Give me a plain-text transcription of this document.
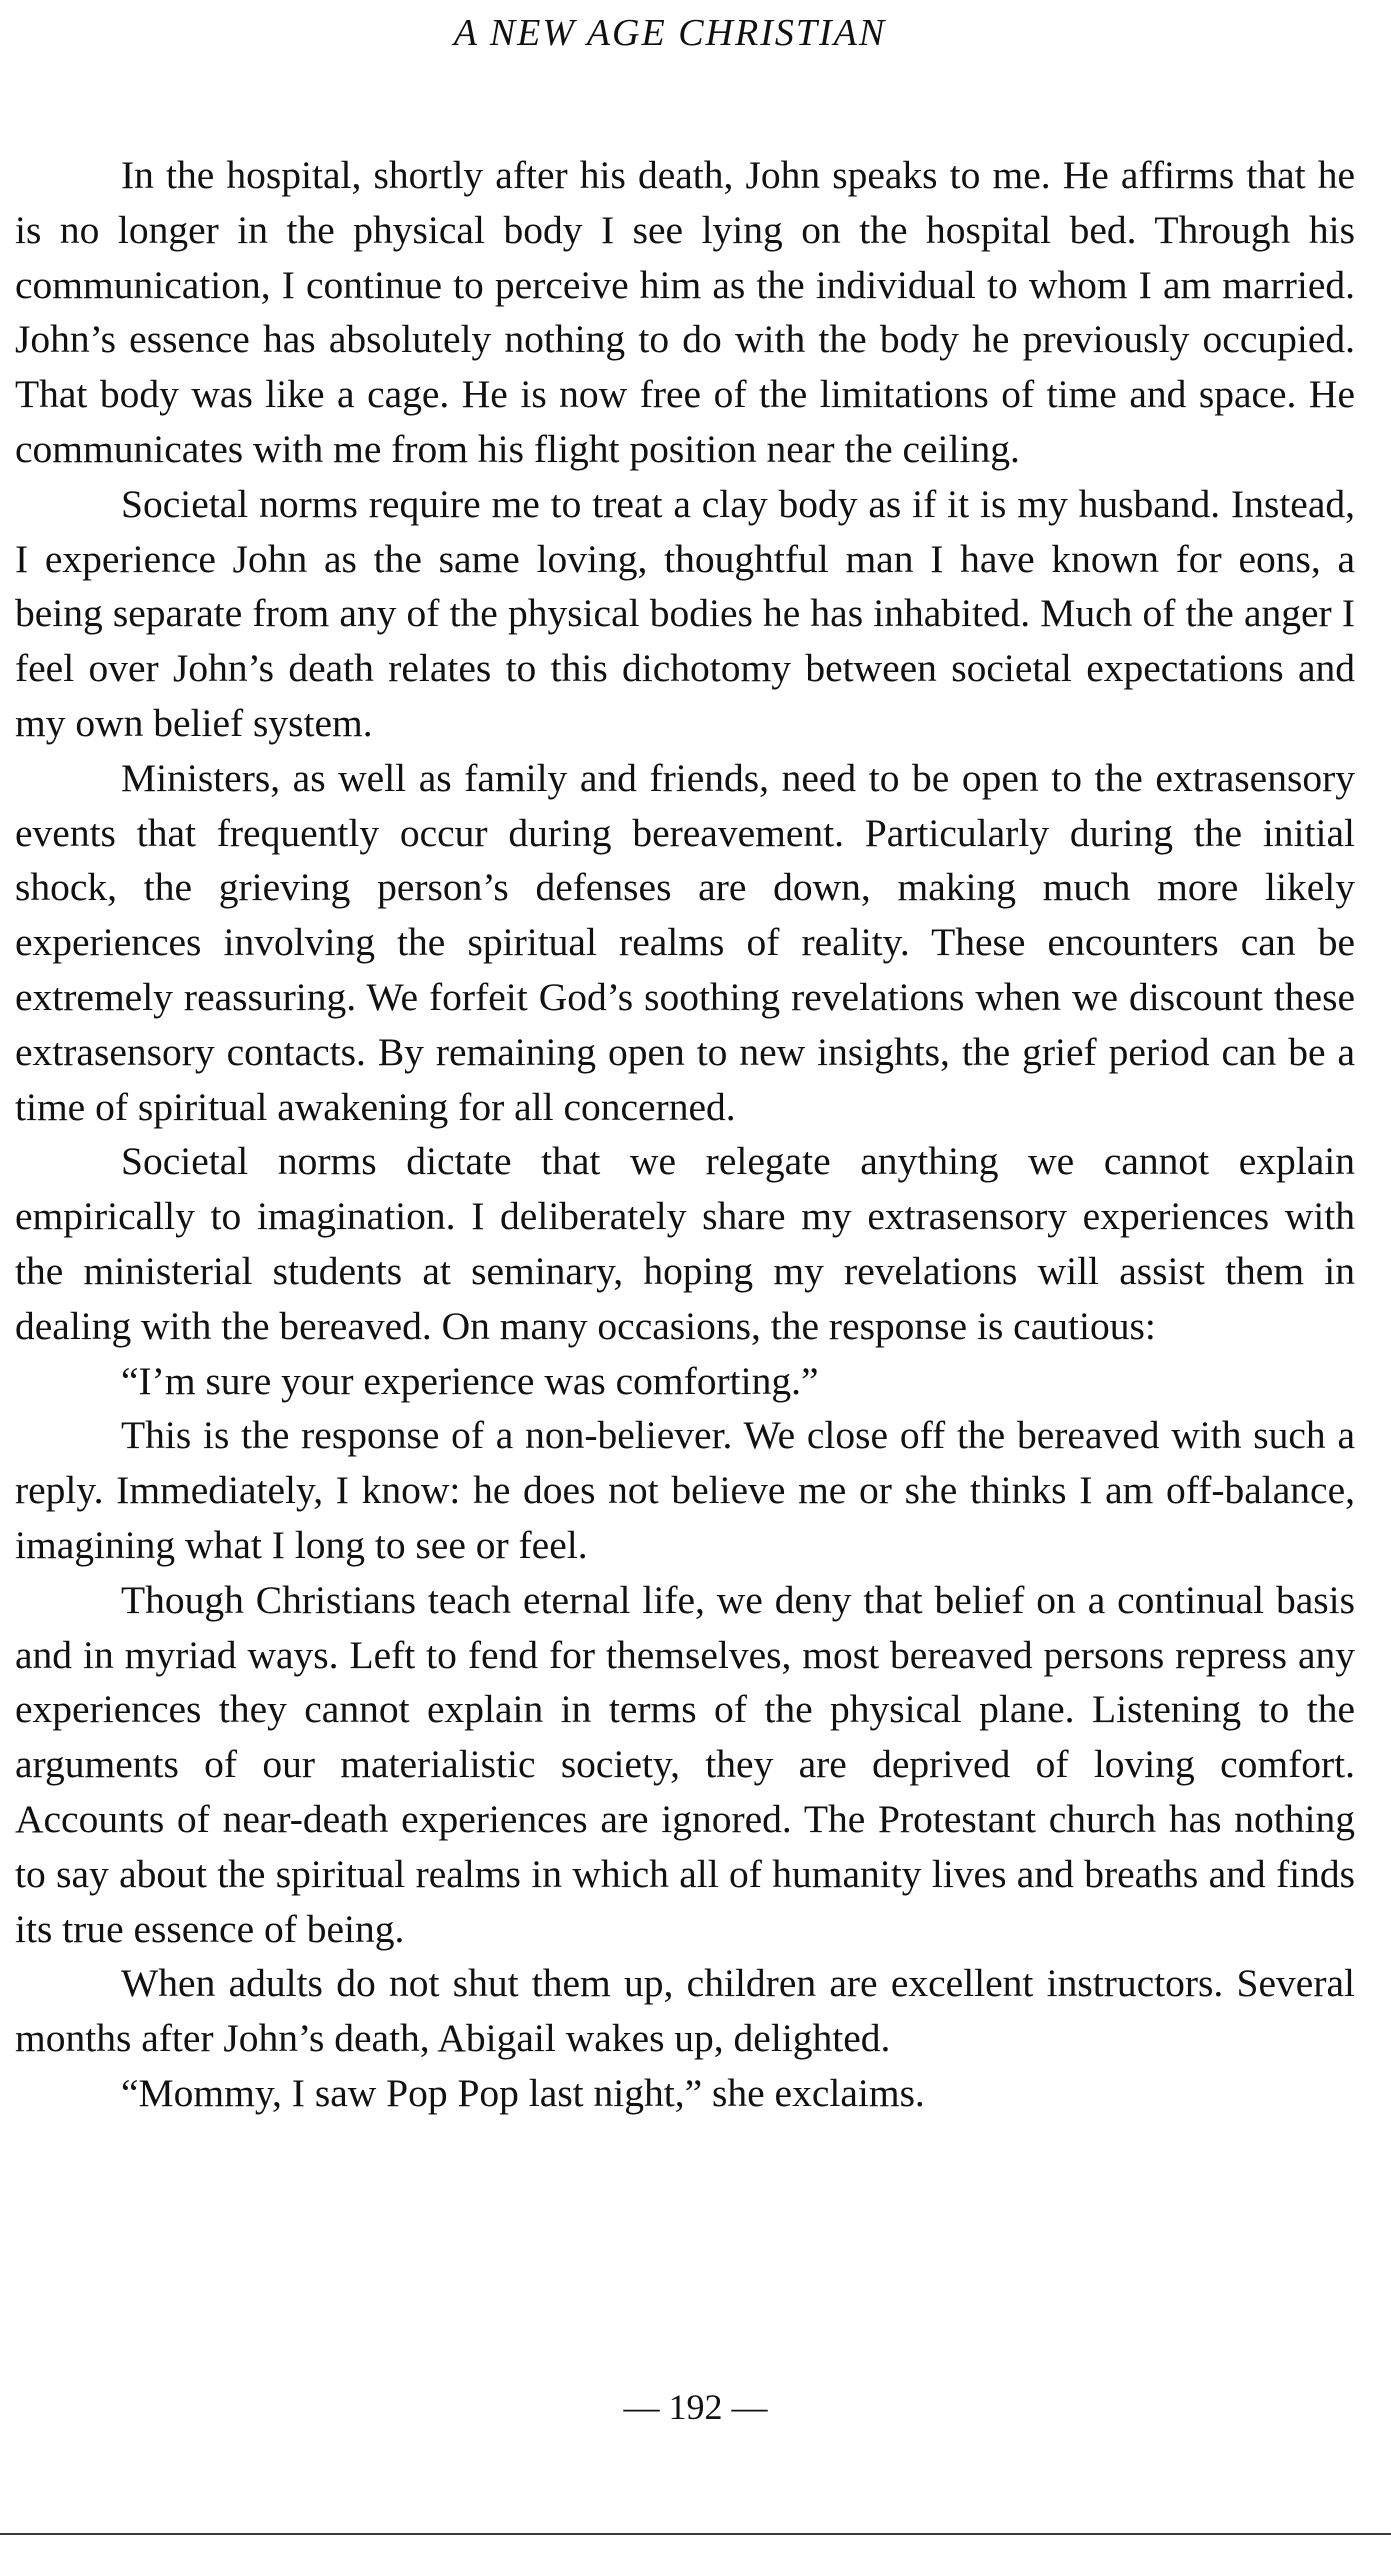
A NEW AGE CHRISTIAN

In the hospital, shortly after his death, John speaks to me. He affirms that he is no longer in the physical body I see lying on the hospital bed. Through his communication, I continue to perceive him as the individual to whom I am married. John’s essence has absolutely nothing to do with the body he previously occupied. That body was like a cage. He is now free of the limitations of time and space. He communicates with me from his flight position near the ceiling.

Societal norms require me to treat a clay body as if it is my husband. Instead, I experience John as the same loving, thoughtful man I have known for eons, a being separate from any of the physical bodies he has inhabited. Much of the anger I feel over John’s death relates to this dichotomy between societal expectations and my own belief system.

Ministers, as well as family and friends, need to be open to the extrasensory events that frequently occur during bereavement. Particularly during the initial shock, the grieving person’s defenses are down, making much more likely experiences involving the spiritual realms of reality. These encounters can be extremely reassuring. We forfeit God’s soothing revelations when we discount these extrasensory contacts. By remaining open to new insights, the grief period can be a time of spiritual awakening for all concerned.

Societal norms dictate that we relegate anything we cannot explain empirically to imagination. I deliberately share my extrasensory experiences with the ministerial students at seminary, hoping my revelations will assist them in dealing with the bereaved. On many occasions, the response is cautious:

“I’m sure your experience was comforting.”

This is the response of a non-believer. We close off the bereaved with such a reply. Immediately, I know: he does not believe me or she thinks I am off-balance, imagining what I long to see or feel.

Though Christians teach eternal life, we deny that belief on a continual basis and in myriad ways. Left to fend for themselves, most bereaved persons repress any experiences they cannot explain in terms of the physical plane. Listening to the arguments of our materialistic society, they are deprived of loving comfort. Accounts of near-death experiences are ignored. The Protestant church has nothing to say about the spiritual realms in which all of humanity lives and breaths and finds its true essence of being.

When adults do not shut them up, children are excellent instructors. Several months after John’s death, Abigail wakes up, delighted.

“Mommy, I saw Pop Pop last night,” she exclaims.

— 192 —
